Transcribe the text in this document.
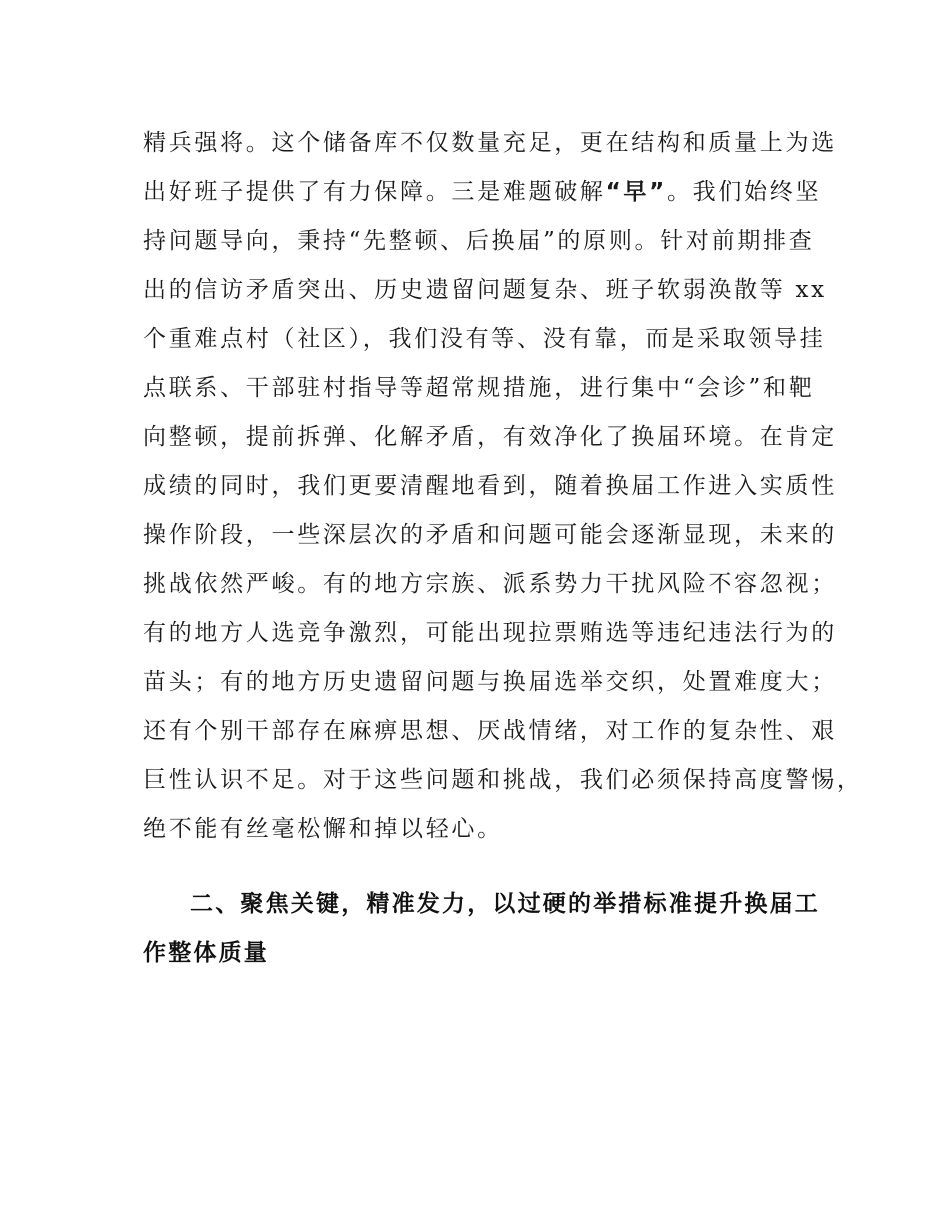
精兵强将。这个储备库不仅数量充足，更在结构和质量上为选
出好班子提供了有力保障。三是难题破解“早”。我们始终坚
持问题导向，秉持“先整顿、后换届”的原则。针对前期排查
出的信访矛盾突出、历史遗留问题复杂、班子软弱涣散等 xx
个重难点村（社区），我们没有等、没有靠，而是采取领导挂
点联系、干部驻村指导等超常规措施，进行集中“会诊”和靶
向整顿，提前拆弹、化解矛盾，有效净化了换届环境。在肯定
成绩的同时，我们更要清醒地看到，随着换届工作进入实质性
操作阶段，一些深层次的矛盾和问题可能会逐渐显现，未来的
挑战依然严峻。有的地方宗族、派系势力干扰风险不容忽视；
有的地方人选竞争激烈，可能出现拉票贿选等违纪违法行为的
苗头；有的地方历史遗留问题与换届选举交织，处置难度大；
还有个别干部存在麻痹思想、厌战情绪，对工作的复杂性、艰
巨性认识不足。对于这些问题和挑战，我们必须保持高度警惕，
绝不能有丝毫松懈和掉以轻心。
二、聚焦关键，精准发力，以过硬的举措标准提升换届工
作整体质量
